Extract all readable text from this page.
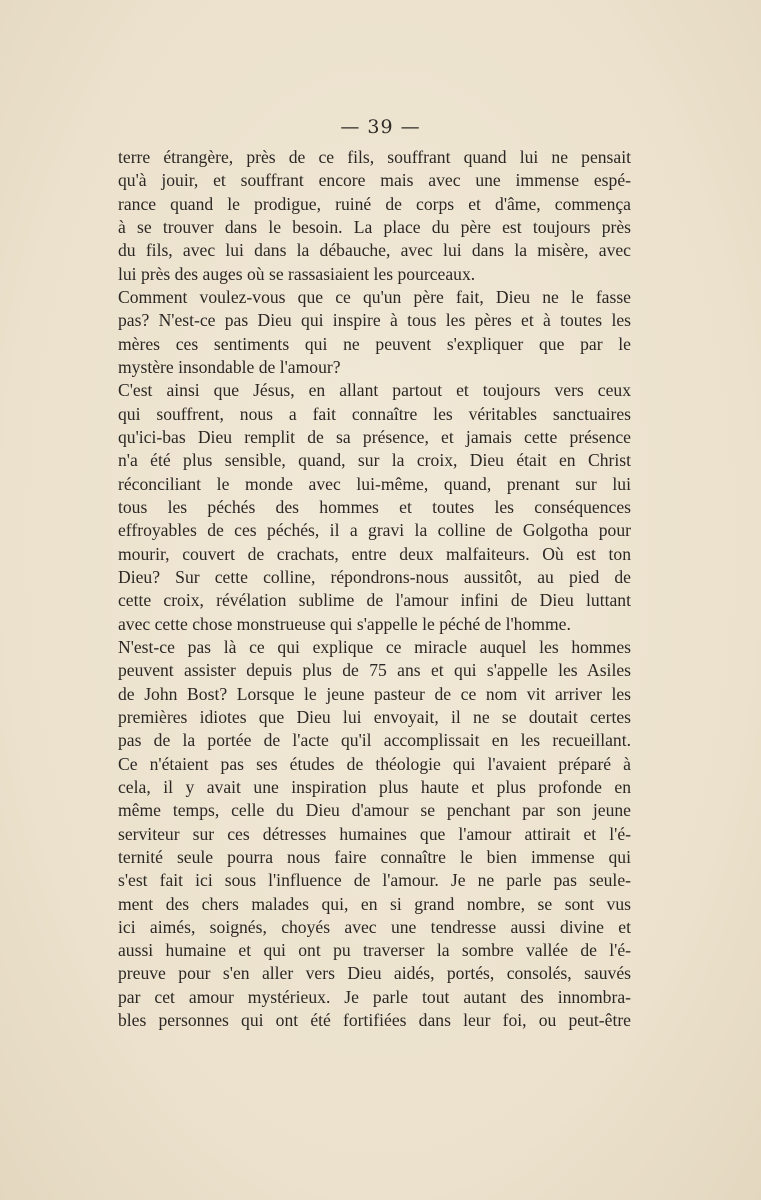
— 39 —
terre étrangère, près de ce fils, souffrant quand lui ne pensait
qu'à jouir, et souffrant encore mais avec une immense espé-
rance quand le prodigue, ruiné de corps et d'âme, commença
à se trouver dans le besoin. La place du père est toujours près
du fils, avec lui dans la débauche, avec lui dans la misère, avec
lui près des auges où se rassasiaient les pourceaux.
Comment voulez-vous que ce qu'un père fait, Dieu ne le fasse
pas? N'est-ce pas Dieu qui inspire à tous les pères et à toutes les
mères ces sentiments qui ne peuvent s'expliquer que par le
mystère insondable de l'amour?
C'est ainsi que Jésus, en allant partout et toujours vers ceux
qui souffrent, nous a fait connaître les véritables sanctuaires
qu'ici-bas Dieu remplit de sa présence, et jamais cette présence
n'a été plus sensible, quand, sur la croix, Dieu était en Christ
réconciliant le monde avec lui-même, quand, prenant sur lui
tous les péchés des hommes et toutes les conséquences
effroyables de ces péchés, il a gravi la colline de Golgotha pour
mourir, couvert de crachats, entre deux malfaiteurs. Où est ton
Dieu? Sur cette colline, répondrons-nous aussitôt, au pied de
cette croix, révélation sublime de l'amour infini de Dieu luttant
avec cette chose monstrueuse qui s'appelle le péché de l'homme.
N'est-ce pas là ce qui explique ce miracle auquel les hommes
peuvent assister depuis plus de 75 ans et qui s'appelle les Asiles
de John Bost? Lorsque le jeune pasteur de ce nom vit arriver les
premières idiotes que Dieu lui envoyait, il ne se doutait certes
pas de la portée de l'acte qu'il accomplissait en les recueillant.
Ce n'étaient pas ses études de théologie qui l'avaient préparé à
cela, il y avait une inspiration plus haute et plus profonde en
même temps, celle du Dieu d'amour se penchant par son jeune
serviteur sur ces détresses humaines que l'amour attirait et l'é-
ternité seule pourra nous faire connaître le bien immense qui
s'est fait ici sous l'influence de l'amour. Je ne parle pas seule-
ment des chers malades qui, en si grand nombre, se sont vus
ici aimés, soignés, choyés avec une tendresse aussi divine et
aussi humaine et qui ont pu traverser la sombre vallée de l'é-
preuve pour s'en aller vers Dieu aidés, portés, consolés, sauvés
par cet amour mystérieux. Je parle tout autant des innombra-
bles personnes qui ont été fortifiées dans leur foi, ou peut-être
